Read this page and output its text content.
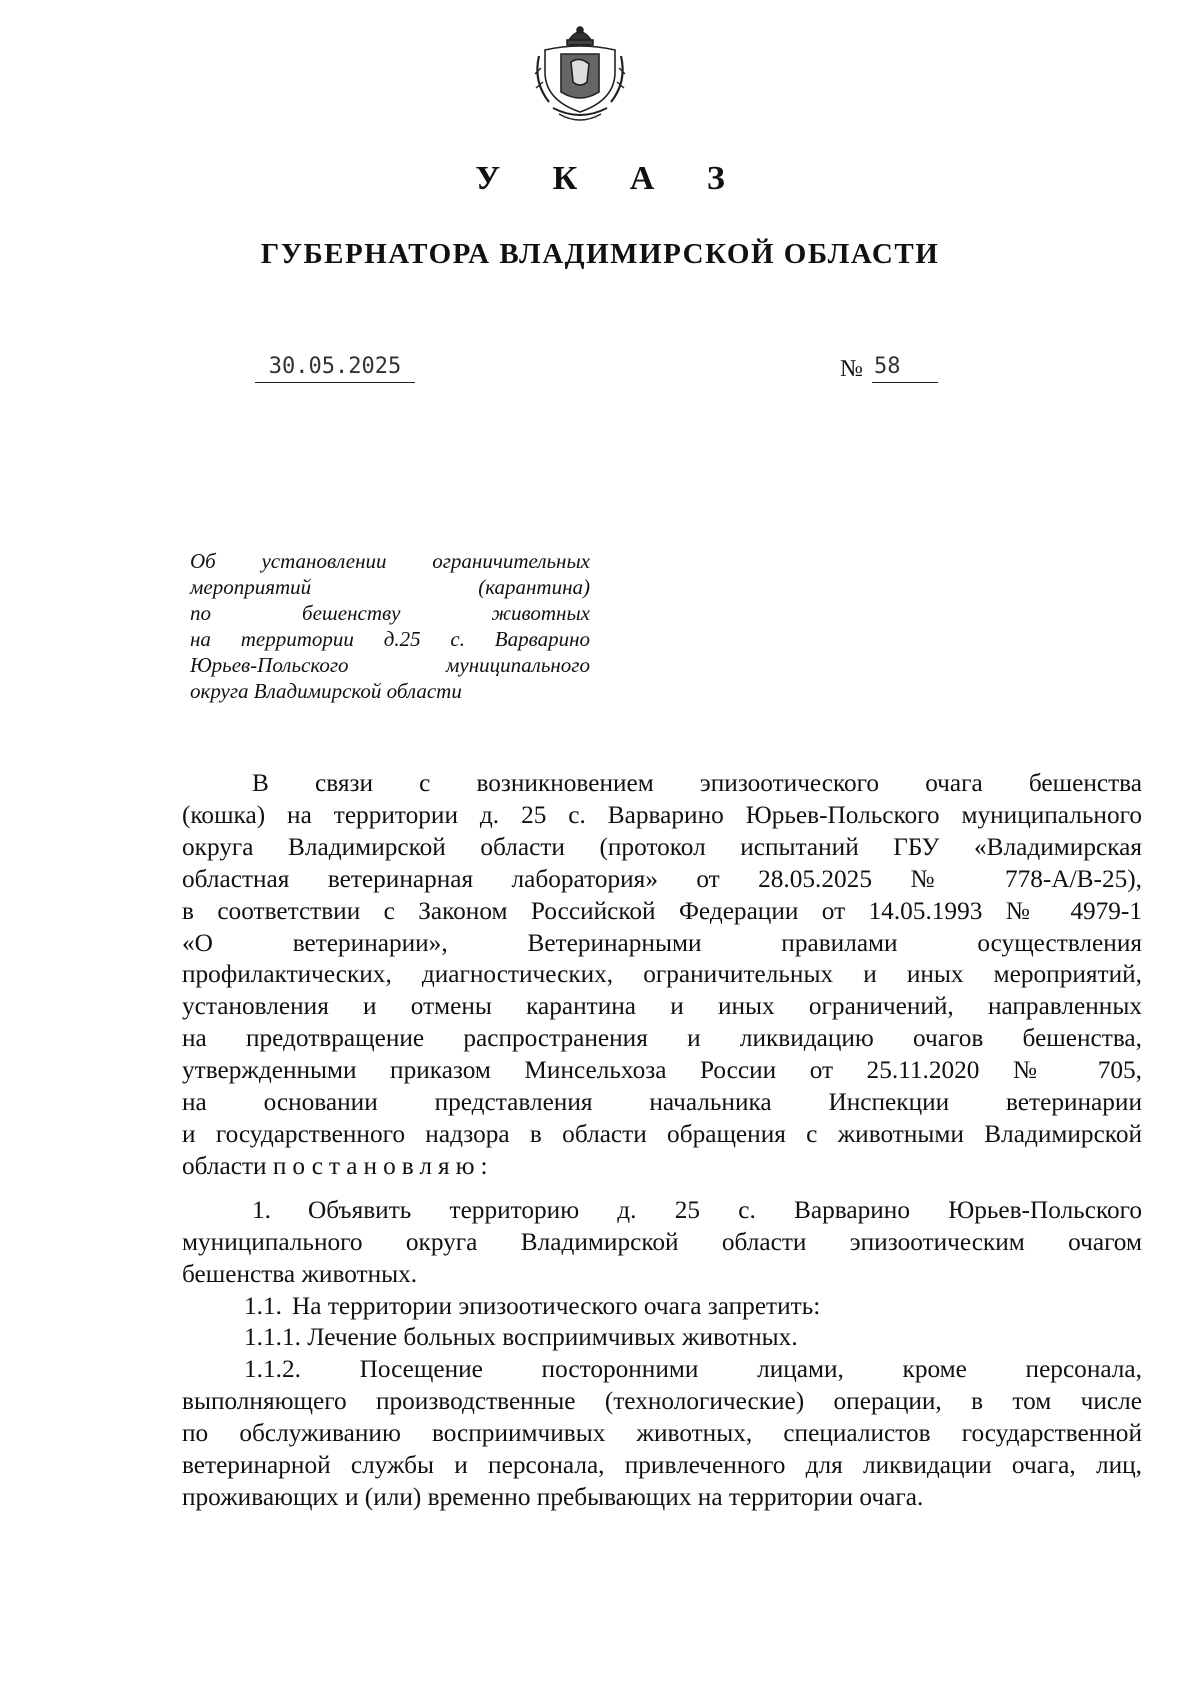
У К А З
ГУБЕРНАТОРА ВЛАДИМИРСКОЙ ОБЛАСТИ
30.05.2025	№ 58
Об установлении ограничительных
мероприятий (карантина)
по бешенству животных
на территории д.25 с. Варварино
Юрьев-Польского муниципального
округа Владимирской области
В связи с возникновением эпизоотического очага бешенства
(кошка) на территории д. 25 с. Варварино Юрьев-Польского муниципального
округа Владимирской области (протокол испытаний ГБУ «Владимирская
областная ветеринарная лаборатория» от 28.05.2025 № 778-А/В-25),
в соответствии с Законом Российской Федерации от 14.05.1993 № 4979-1
«О ветеринарии», Ветеринарными правилами осуществления
профилактических, диагностических, ограничительных и иных мероприятий,
установления и отмены карантина и иных ограничений, направленных
на предотвращение распространения и ликвидацию очагов бешенства,
утвержденными приказом Минсельхоза России от 25.11.2020 № 705,
на основании представления начальника Инспекции ветеринарии
и государственного надзора в области обращения с животными Владимирской
области постановляю:
1. Объявить территорию д. 25 с. Варварино Юрьев-Польского
муниципального округа Владимирской области эпизоотическим очагом
бешенства животных.
1.1. На территории эпизоотического очага запретить:
1.1.1. Лечение больных восприимчивых животных.
1.1.2. Посещение посторонними лицами, кроме персонала,
выполняющего производственные (технологические) операции, в том числе
по обслуживанию восприимчивых животных, специалистов государственной
ветеринарной службы и персонала, привлеченного для ликвидации очага, лиц,
проживающих и (или) временно пребывающих на территории очага.
